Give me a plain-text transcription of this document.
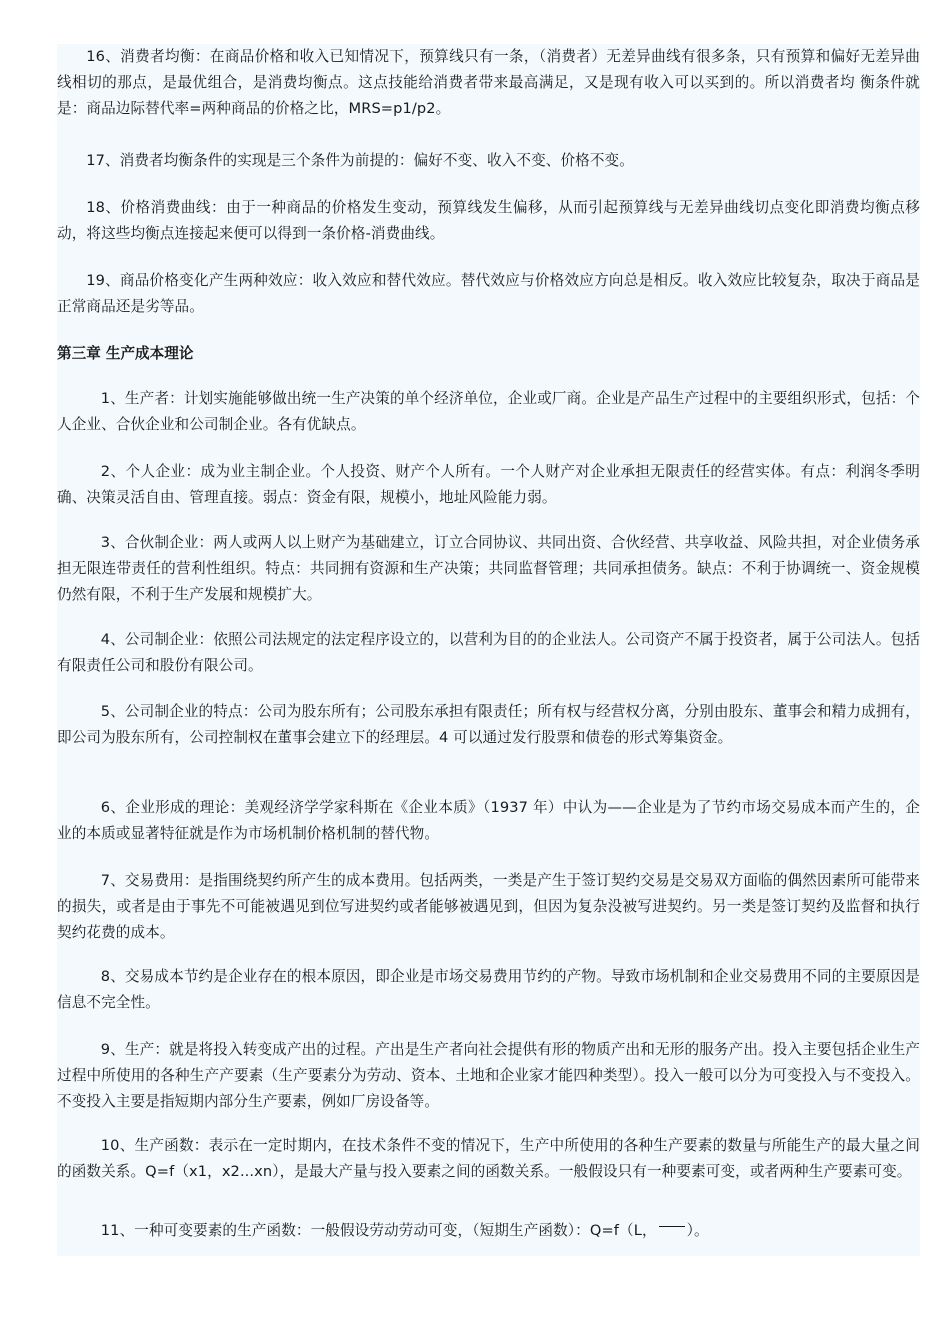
16、消费者均衡：在商品价格和收入已知情况下，预算线只有一条，（消费者）无差异曲线有很多条，只有预算和偏好无差异曲线相切的那点，是最优组合，是消费均衡点。这点技能给消费者带来最高满足，又是现有收入可以买到的。所以消费者均 衡条件就是：商品边际替代率=两种商品的价格之比，MRS=p1/p2。

17、消费者均衡条件的实现是三个条件为前提的：偏好不变、收入不变、价格不变。

18、价格消费曲线：由于一种商品的价格发生变动，预算线发生偏移，从而引起预算线与无差异曲线切点变化即消费均衡点移动，将这些均衡点连接起来便可以得到一条价格-消费曲线。

19、商品价格变化产生两种效应：收入效应和替代效应。替代效应与价格效应方向总是相反。收入效应比较复杂，取决于商品是正常商品还是劣等品。

第三章 生产成本理论

1、生产者：计划实施能够做出统一生产决策的单个经济单位，企业或厂商。企业是产品生产过程中的主要组织形式，包括：个人企业、合伙企业和公司制企业。各有优缺点。

2、个人企业：成为业主制企业。个人投资、财产个人所有。一个人财产对企业承担无限责任的经营实体。有点：利润冬季明确、决策灵活自由、管理直接。弱点：资金有限，规模小，地址风险能力弱。

3、合伙制企业：两人或两人以上财产为基础建立，订立合同协议、共同出资、合伙经营、共享收益、风险共担，对企业债务承担无限连带责任的营利性组织。特点：共同拥有资源和生产决策；共同监督管理；共同承担债务。缺点：不利于协调统一、资金规模仍然有限，不利于生产发展和规模扩大。

4、公司制企业：依照公司法规定的法定程序设立的，以营利为目的的企业法人。公司资产不属于投资者，属于公司法人。包括有限责任公司和股份有限公司。

5、公司制企业的特点：公司为股东所有；公司股东承担有限责任；所有权与经营权分离，分别由股东、董事会和精力成拥有，即公司为股东所有，公司控制权在董事会建立下的经理层。4 可以通过发行股票和债卷的形式筹集资金。

6、企业形成的理论：美观经济学学家科斯在《企业本质》（1937 年）中认为——企业是为了节约市场交易成本而产生的，企业的本质或显著特征就是作为市场机制价格机制的替代物。

7、交易费用：是指围绕契约所产生的成本费用。包括两类，一类是产生于签订契约交易是交易双方面临的偶然因素所可能带来的损失，或者是由于事先不可能被遇见到位写进契约或者能够被遇见到，但因为复杂没被写进契约。另一类是签订契约及监督和执行契约花费的成本。

8、交易成本节约是企业存在的根本原因，即企业是市场交易费用节约的产物。导致市场机制和企业交易费用不同的主要原因是信息不完全性。

9、生产：就是将投入转变成产出的过程。产出是生产者向社会提供有形的物质产出和无形的服务产出。投入主要包括企业生产过程中所使用的各种生产产要素（生产要素分为劳动、资本、土地和企业家才能四种类型）。投入一般可以分为可变投入与不变投入。不变投入主要是指短期内部分生产要素，例如厂房设备等。

10、生产函数：表示在一定时期内，在技术条件不变的情况下，生产中所使用的各种生产要素的数量与所能生产的最大量之间的函数关系。Q=f（x1，x2...xn），是最大产量与投入要素之间的函数关系。一般假设只有一种要素可变，或者两种生产要素可变。

11、一种可变要素的生产函数：一般假设劳动劳动可变，（短期生产函数）：Q=f（L， ）。
